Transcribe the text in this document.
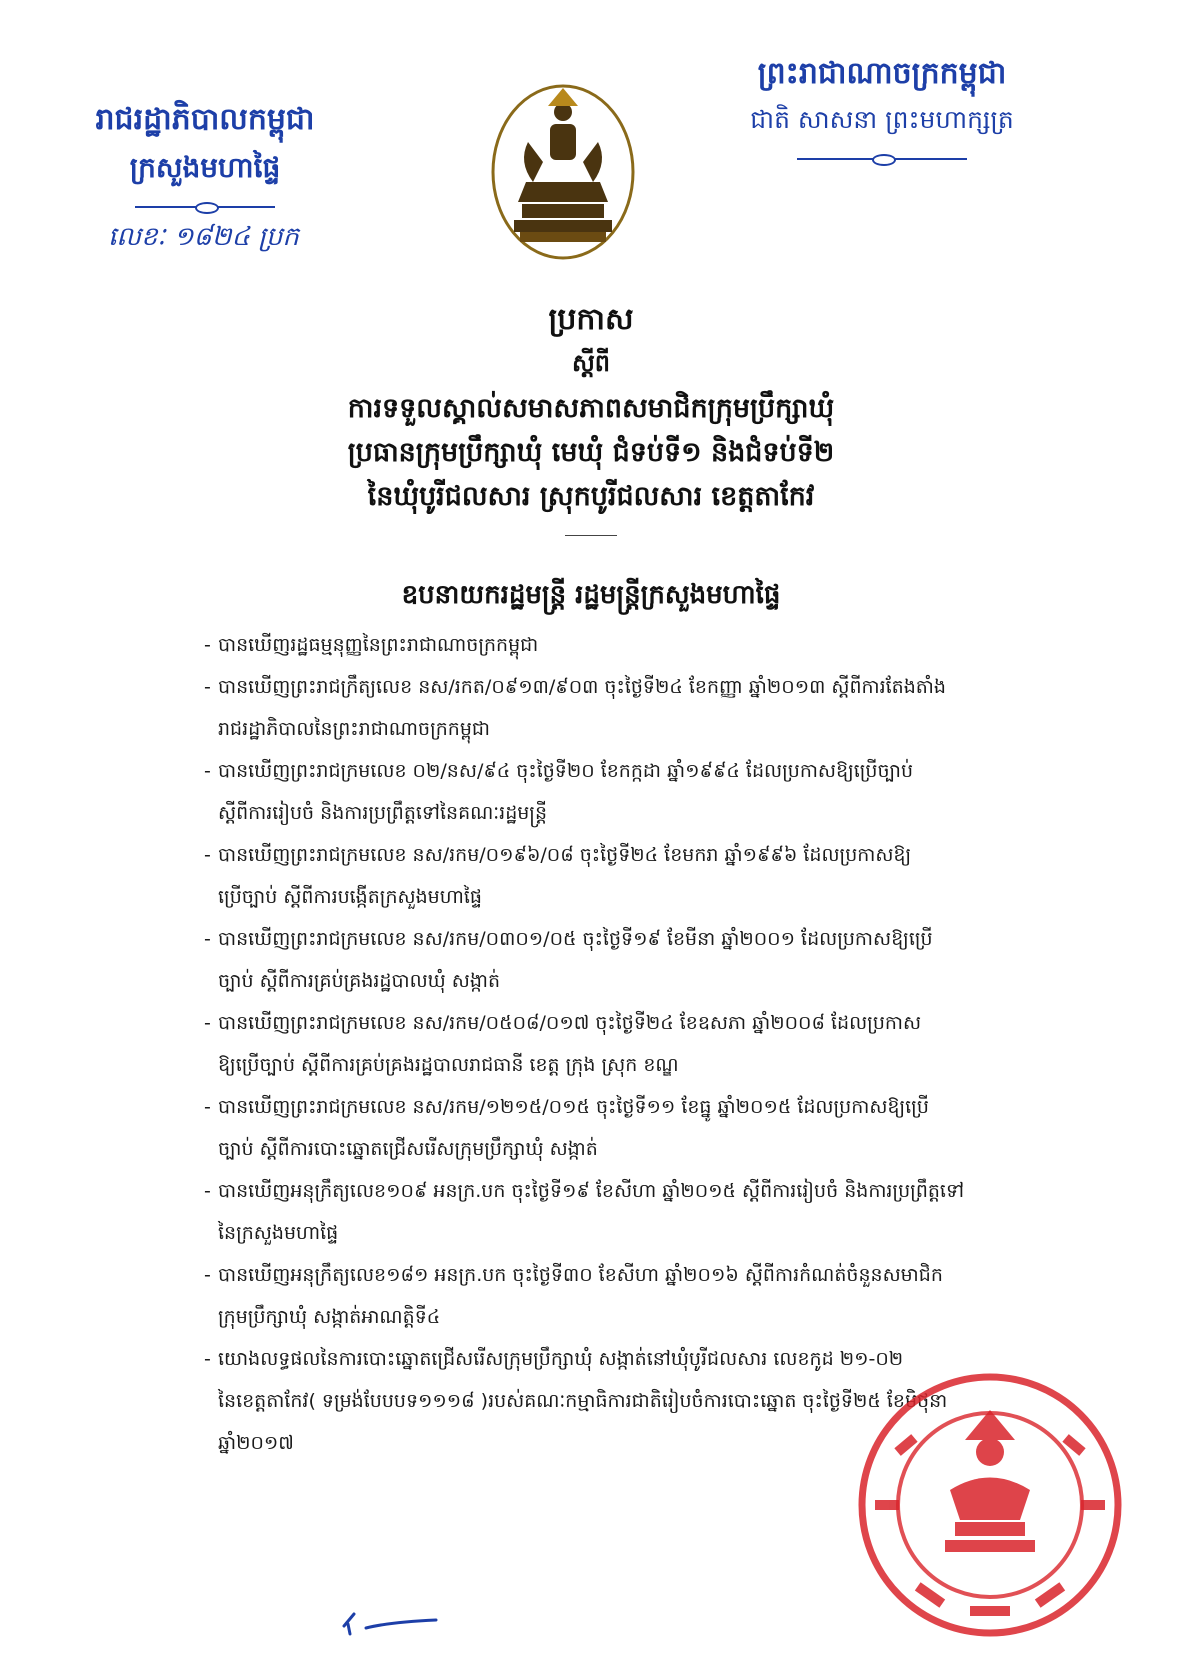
ព្រះរាជាណាចក្រកម្ពុជា
ជាតិ សាសនា ព្រះមហាក្សត្រ
រាជរដ្ឋាភិបាលកម្ពុជា
ក្រសួងមហាផ្ទៃ
លេខៈ ១៨២៤ ប្រក
ប្រកាស
ស្តីពី
ការទទួលស្គាល់សមាសភាពសមាជិកក្រុមប្រឹក្សាឃុំ
ប្រធានក្រុមប្រឹក្សាឃុំ មេឃុំ ជំទប់ទី១ និងជំទប់ទី២
នៃឃុំបូរីជលសារ ស្រុកបូរីជលសារ ខេត្តតាកែវ
ឧបនាយករដ្ឋមន្ត្រី រដ្ឋមន្ត្រីក្រសួងមហាផ្ទៃ
- បានឃើញរដ្ឋធម្មនុញ្ញនៃព្រះរាជាណាចក្រកម្ពុជា
- បានឃើញព្រះរាជក្រឹត្យលេខ នស/រកត/០៩១៣/៩០៣ ចុះថ្ងៃទី២៤ ខែកញ្ញា ឆ្នាំ២០១៣ ស្តីពីការតែងតាំង
រាជរដ្ឋាភិបាលនៃព្រះរាជាណាចក្រកម្ពុជា
- បានឃើញព្រះរាជក្រមលេខ ០២/នស/៩៤ ចុះថ្ងៃទី២០ ខែកក្កដា ឆ្នាំ១៩៩៤ ដែលប្រកាសឱ្យប្រើច្បាប់
ស្តីពីការរៀបចំ និងការប្រព្រឹត្តទៅនៃគណៈរដ្ឋមន្ត្រី
- បានឃើញព្រះរាជក្រមលេខ នស/រកម/០១៩៦/០៨ ចុះថ្ងៃទី២៤ ខែមករា ឆ្នាំ១៩៩៦ ដែលប្រកាសឱ្យ
ប្រើច្បាប់ ស្តីពីការបង្កើតក្រសួងមហាផ្ទៃ
- បានឃើញព្រះរាជក្រមលេខ នស/រកម/០៣០១/០៥ ចុះថ្ងៃទី១៩ ខែមីនា ឆ្នាំ២០០១ ដែលប្រកាសឱ្យប្រើ
ច្បាប់ ស្តីពីការគ្រប់គ្រងរដ្ឋបាលឃុំ សង្កាត់
- បានឃើញព្រះរាជក្រមលេខ នស/រកម/០៥០៨/០១៧ ចុះថ្ងៃទី២៤ ខែឧសភា ឆ្នាំ២០០៨ ដែលប្រកាស
ឱ្យប្រើច្បាប់ ស្តីពីការគ្រប់គ្រងរដ្ឋបាលរាជធានី ខេត្ត ក្រុង ស្រុក ខណ្ឌ
- បានឃើញព្រះរាជក្រមលេខ នស/រកម/១២១៥/០១៥ ចុះថ្ងៃទី១១ ខែធ្នូ ឆ្នាំ២០១៥ ដែលប្រកាសឱ្យប្រើ
ច្បាប់ ស្តីពីការបោះឆ្នោតជ្រើសរើសក្រុមប្រឹក្សាឃុំ សង្កាត់
- បានឃើញអនុក្រឹត្យលេខ១០៩ អនក្រ.បក ចុះថ្ងៃទី១៩ ខែសីហា ឆ្នាំ២០១៥ ស្តីពីការរៀបចំ និងការប្រព្រឹត្តទៅ
នៃក្រសួងមហាផ្ទៃ
- បានឃើញអនុក្រឹត្យលេខ១៨១ អនក្រ.បក ចុះថ្ងៃទី៣០ ខែសីហា ឆ្នាំ២០១៦ ស្តីពីការកំណត់ចំនួនសមាជិក
ក្រុមប្រឹក្សាឃុំ សង្កាត់អាណត្តិទី៤
- យោងលទ្ធផលនៃការបោះឆ្នោតជ្រើសរើសក្រុមប្រឹក្សាឃុំ សង្កាត់នៅឃុំបូរីជលសារ លេខកូដ ២១-០២
នៃខេត្តតាកែវ( ទម្រង់បែបបទ១១១៨ )របស់គណៈកម្មាធិការជាតិរៀបចំការបោះឆ្នោត ចុះថ្ងៃទី២៥ ខែមិថុនា
ឆ្នាំ២០១៧
